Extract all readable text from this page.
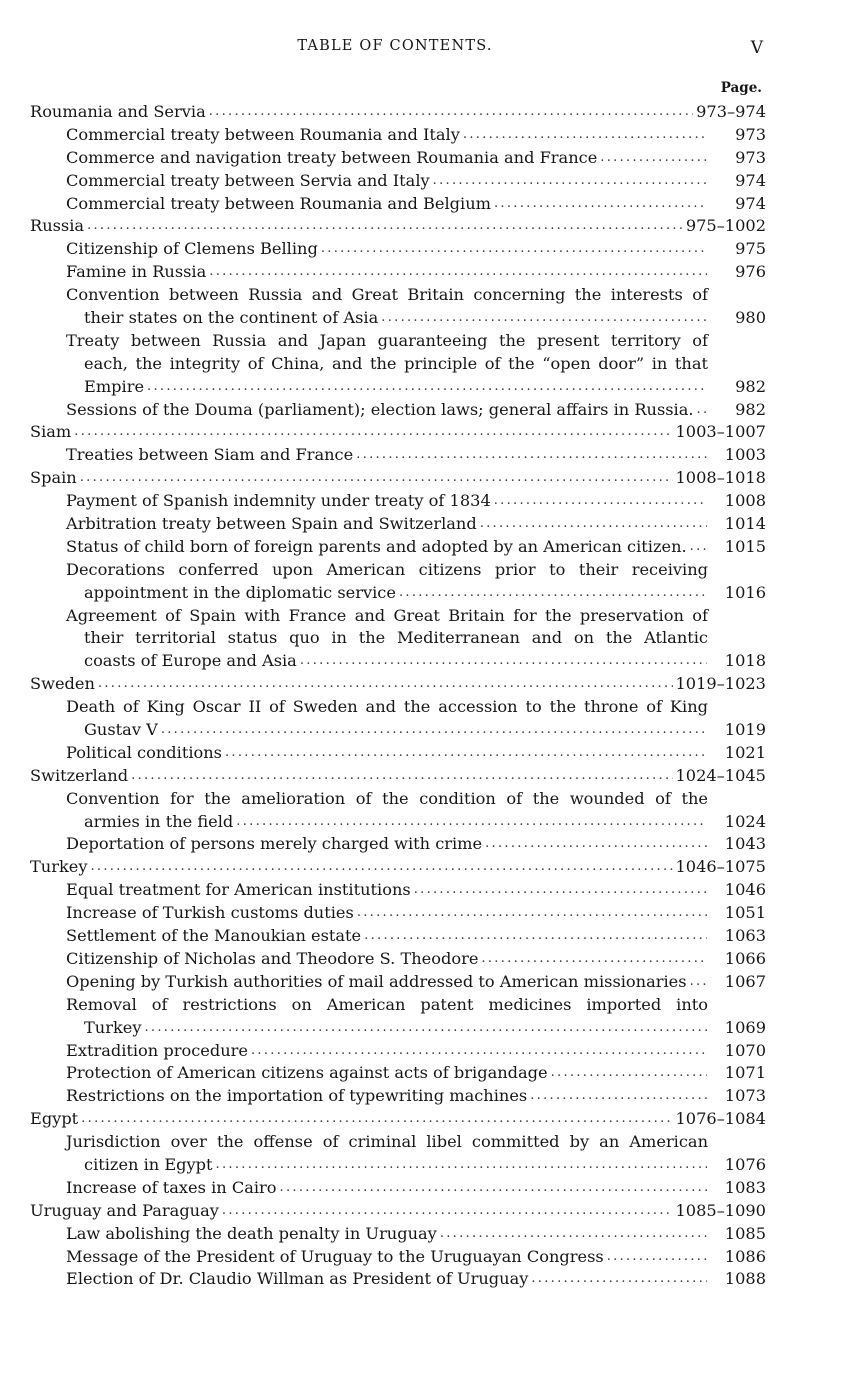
TABLE OF CONTENTS.	V
Page.
Roumania and Servia .....	973–974
Commercial treaty between Roumania and Italy .....	973
Commerce and navigation treaty between Roumania and France .....	973
Commercial treaty between Servia and Italy .....	974
Commercial treaty between Roumania and Belgium .....	974
Russia .....	975–1002
Citizenship of Clemens Belling .....	975
Famine in Russia .....	976
Convention between Russia and Great Britain concerning the interests of
their states on the continent of Asia .....	980
Treaty between Russia and Japan guaranteeing the present territory of
each, the integrity of China, and the principle of the “open door” in that
Empire .....	982
Sessions of the Douma (parliament); election laws; general affairs in Russia. .....	982
Siam .....	1003–1007
Treaties between Siam and France .....	1003
Spain .....	1008–1018
Payment of Spanish indemnity under treaty of 1834 .....	1008
Arbitration treaty between Spain and Switzerland .....	1014
Status of child born of foreign parents and adopted by an American citizen. .....	1015
Decorations conferred upon American citizens prior to their receiving
appointment in the diplomatic service .....	1016
Agreement of Spain with France and Great Britain for the preservation of
their territorial status quo in the Mediterranean and on the Atlantic
coasts of Europe and Asia .....	1018
Sweden .....	1019–1023
Death of King Oscar II of Sweden and the accession to the throne of King
Gustav V .....	1019
Political conditions .....	1021
Switzerland .....	1024–1045
Convention for the amelioration of the condition of the wounded of the
armies in the field .....	1024
Deportation of persons merely charged with crime .....	1043
Turkey .....	1046–1075
Equal treatment for American institutions .....	1046
Increase of Turkish customs duties .....	1051
Settlement of the Manoukian estate .....	1063
Citizenship of Nicholas and Theodore S. Theodore .....	1066
Opening by Turkish authorities of mail addressed to American missionaries .....	1067
Removal of restrictions on American patent medicines imported into
Turkey .....	1069
Extradition procedure .....	1070
Protection of American citizens against acts of brigandage .....	1071
Restrictions on the importation of typewriting machines .....	1073
Egypt .....	1076–1084
Jurisdiction over the offense of criminal libel committed by an American
citizen in Egypt .....	1076
Increase of taxes in Cairo .....	1083
Uruguay and Paraguay .....	1085–1090
Law abolishing the death penalty in Uruguay .....	1085
Message of the President of Uruguay to the Uruguayan Congress .....	1086
Election of Dr. Claudio Willman as President of Uruguay .....	1088
